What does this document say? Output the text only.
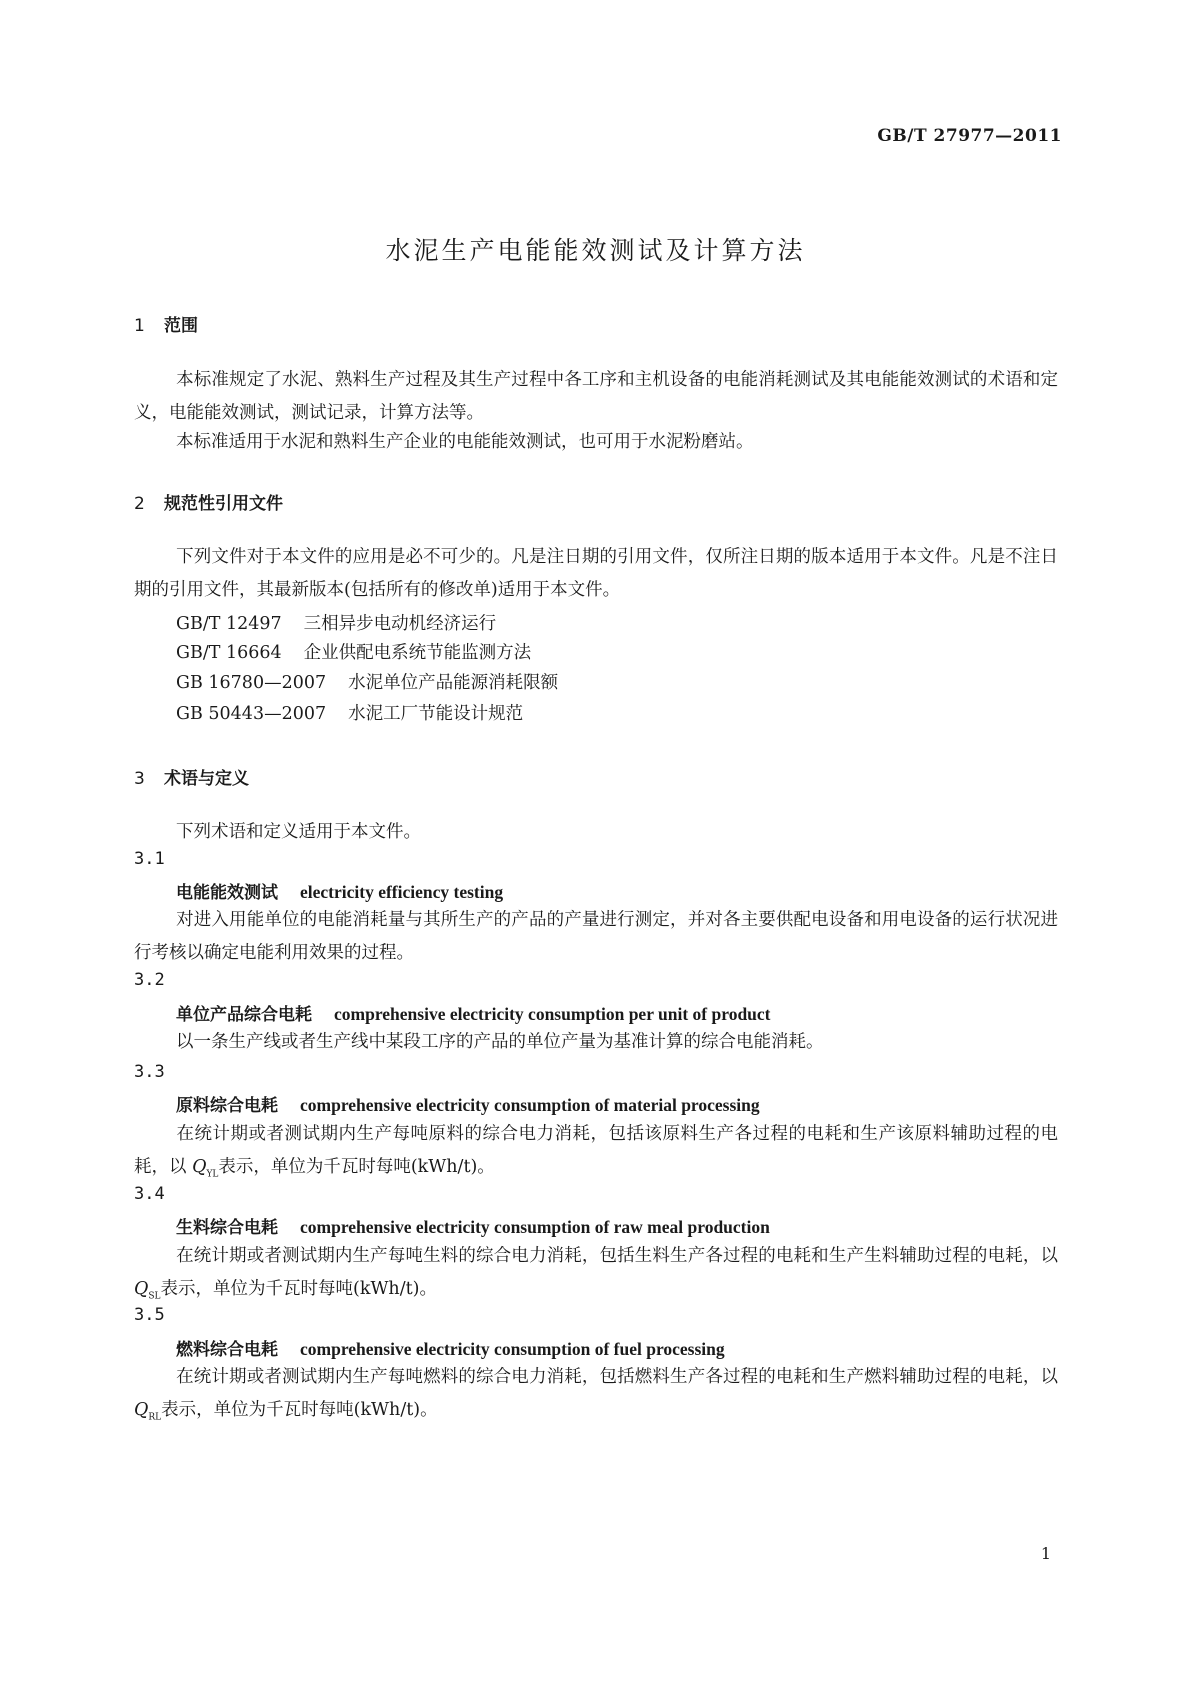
GB/T 27977—2011
水泥生产电能能效测试及计算方法
1 范围

本标准规定了水泥、熟料生产过程及其生产过程中各工序和主机设备的电能消耗测试及其电能能效测试的术语和定义，电能能效测试，测试记录，计算方法等。

本标准适用于水泥和熟料生产企业的电能能效测试，也可用于水泥粉磨站。

2 规范性引用文件

下列文件对于本文件的应用是必不可少的。凡是注日期的引用文件，仅所注日期的版本适用于本文件。凡是不注日期的引用文件，其最新版本(包括所有的修改单)适用于本文件。

GB/T 12497 三相异步电动机经济运行
GB/T 16664 企业供配电系统节能监测方法
GB 16780—2007 水泥单位产品能源消耗限额
GB 50443—2007 水泥工厂节能设计规范
3 术语与定义
下列术语和定义适用于本文件。
3.1
电能能效测试 electricity efficiency testing

对进入用能单位的电能消耗量与其所生产的产品的产量进行测定，并对各主要供配电设备和用电设备的运行状况进行考核以确定电能利用效果的过程。

3.2
单位产品综合电耗 comprehensive electricity consumption per unit of product

以一条生产线或者生产线中某段工序的产品的单位产量为基准计算的综合电能消耗。

3.3
原料综合电耗 comprehensive electricity consumption of material processing

在统计期或者测试期内生产每吨原料的综合电力消耗，包括该原料生产各过程的电耗和生产该原料辅助过程的电耗，以 $Q_{YL}$表示，单位为千瓦时每吨(kWh/t)。

3.4
生料综合电耗 comprehensive electricity consumption of raw meal production

在统计期或者测试期内生产每吨生料的综合电力消耗，包括生料生产各过程的电耗和生产生料辅助过程的电耗，以 $Q_{SL}$表示，单位为千瓦时每吨(kWh/t)。

3.5
燃料综合电耗 comprehensive electricity consumption of fuel processing

在统计期或者测试期内生产每吨燃料的综合电力消耗，包括燃料生产各过程的电耗和生产燃料辅助过程的电耗，以 $Q_{RL}$表示，单位为千瓦时每吨(kWh/t)。

1
